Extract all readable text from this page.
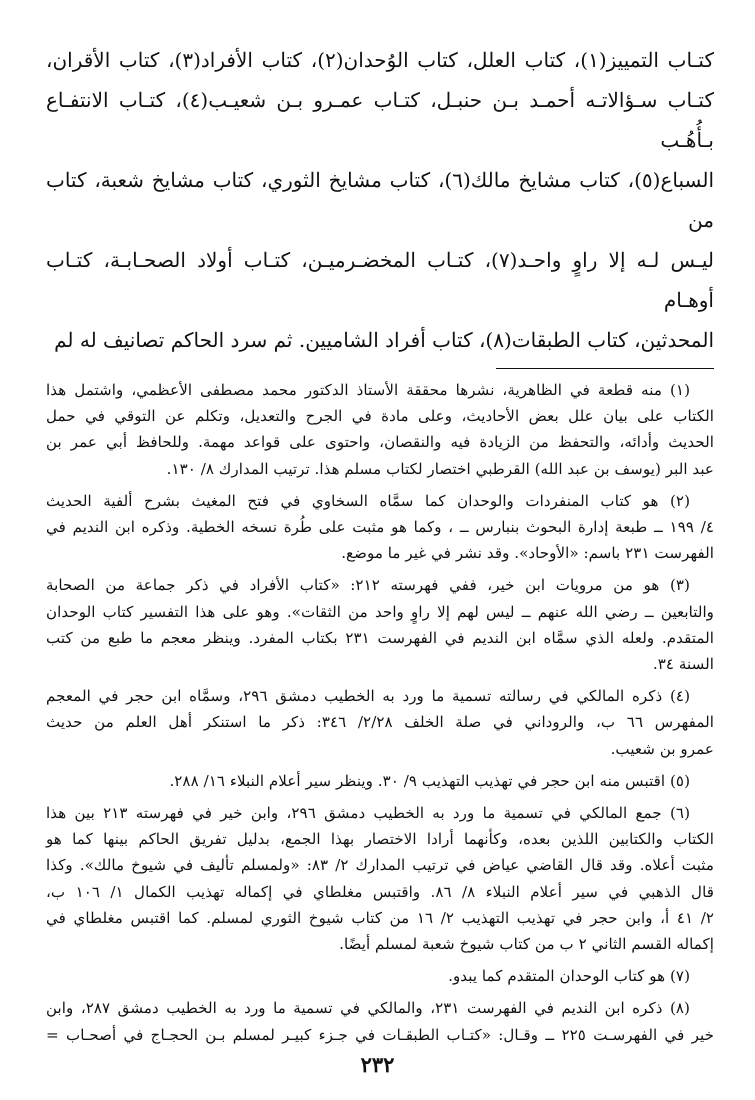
كتـاب التمييز(١)، كتاب العلل، كتاب الوُحدان(٢)، كتاب الأفراد(٣)، كتاب الأقران،

كتـاب سـؤالاتـه أحمـد بـن حنبـل، كتـاب عمـرو بـن شعيـب(٤)، كتـاب الانتفـاع بـأُهُـب

السباع(٥)، كتاب مشايخ مالك(٦)، كتاب مشايخ الثوري، كتاب مشايخ شعبة، كتاب من

ليـس لـه إلا راوٍ واحـد(٧)، كتـاب المخضـرميـن، كتـاب أولاد الصحـابـة، كتـاب أوهـام

المحدثين، كتاب الطبقات(٨)، كتاب أفراد الشاميين. ثم سرد الحاكم تصانيف له لم

(١) منه قطعة في الظاهرية، نشرها محققة الأستاذ الدكتور محمد مصطفى الأعظمي، واشتمل هذا
الكتاب على بيان علل بعض الأحاديث، وعلى مادة في الجرح والتعديل، وتكلم عن التوقي في حمل
الحديث وأدائه، والتحفظ من الزيادة فيه والنقصان، واحتوى على قواعد مهمة. وللحافظ أبي عمر بن
عبد البر (يوسف بن عبد الله) القرطبي اختصار لكتاب مسلم هذا. ترتيب المدارك ٨/ ١٣٠.
(٢) هو كتاب المنفردات والوحدان كما سمَّاه السخاوي في فتح المغيث بشرح ألفية الحديث
٤/ ١٩٩ ــ طبعة إدارة البحوث بنبارس ــ ، وكما هو مثبت على طُرة نسخه الخطية. وذكره ابن النديم في
الفهرست ٢٣١ باسم: «الأوحاد». وقد نشر في غير ما موضع.
(٣) هو من مرويات ابن خير، ففي فهرسته ٢١٢: «كتاب الأفراد في ذكر جماعة من الصحابة
والتابعين ــ رضي الله عنهم ــ ليس لهم إلا راوٍ واحد من الثقات». وهو على هذا التفسير كتاب الوحدان
المتقدم. ولعله الذي سمَّاه ابن النديم في الفهرست ٢٣١ بكتاب المفرد. وينظر معجم ما طبع من كتب
السنة ٣٤.
(٤) ذكره المالكي في رسالته تسمية ما ورد به الخطيب دمشق ٢٩٦، وسمَّاه ابن حجر في المعجم
المفهرس ٦٦ ب، والروداني في صلة الخلف ٢/٢٨/ ٣٤٦: ذكر ما استنكر أهل العلم من حديث
عمرو بن شعيب.
(٥) اقتبس منه ابن حجر في تهذيب التهذيب ٩/ ٣٠. وينظر سير أعلام النبلاء ١٦/ ٢٨٨.
(٦) جمع المالكي في تسمية ما ورد به الخطيب دمشق ٢٩٦، وابن خير في فهرسته ٢١٣ بين هذا
الكتاب والكتابين اللذين بعده، وكأنهما أرادا الاختصار بهذا الجمع، بدليل تفريق الحاكم بينها كما هو
مثبت أعلاه. وقد قال القاضي عياض في ترتيب المدارك ٢/ ٨٣: «ولمسلم تأليف في شيوخ مالك». وكذا
قال الذهبي في سير أعلام النبلاء ٨/ ٨٦. واقتبس مغلطاي في إكماله تهذيب الكمال ١/ ١٠٦ ب،
٢/ ٤١ أ، وابن حجر في تهذيب التهذيب ٢/ ١٦ من كتاب شيوخ الثوري لمسلم. كما اقتبس مغلطاي في
إكماله القسم الثاني ٢ ب من كتاب شيوخ شعبة لمسلم أيضًا.
(٧) هو كتاب الوحدان المتقدم كما يبدو.
(٨) ذكره ابن النديم في الفهرست ٢٣١، والمالكي في تسمية ما ورد به الخطيب دمشق ٢٨٧، وابن
خير في الفهرسـت ٢٢٥ ــ وقـال: «كتـاب الطبقـات في جـزء كبيـر لمسلم بـن الحجـاج في أصحـاب =
٢٣٢
